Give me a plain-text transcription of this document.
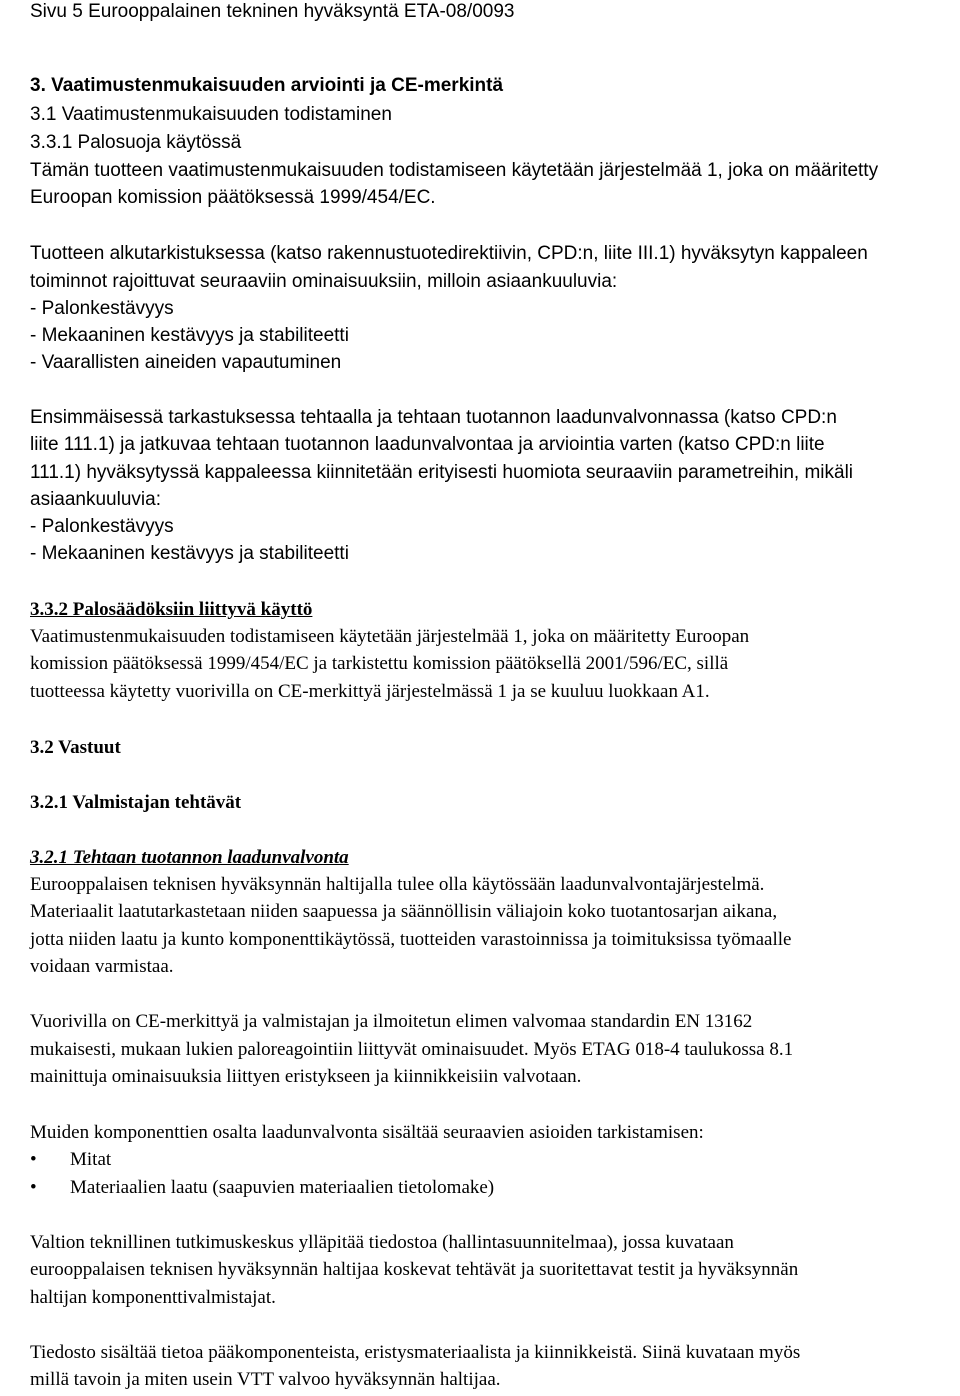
Sivu 5 Eurooppalainen tekninen hyväksyntä ETA-08/0093
3. Vaatimustenmukaisuuden arviointi ja CE-merkintä
3.1 Vaatimustenmukaisuuden todistaminen
3.3.1 Palosuoja käytössä
Tämän tuotteen vaatimustenmukaisuuden todistamiseen käytetään järjestelmää 1, joka on määritetty
Euroopan komission päätöksessä 1999/454/EC.
Tuotteen alkutarkistuksessa (katso rakennustuotedirektiivin, CPD:n, liite III.1) hyväksytyn kappaleen
toiminnot rajoittuvat seuraaviin ominaisuuksiin, milloin asiaankuuluvia:
- Palonkestävyys
- Mekaaninen kestävyys ja stabiliteetti
- Vaarallisten aineiden vapautuminen
Ensimmäisessä tarkastuksessa tehtaalla ja tehtaan tuotannon laadunvalvonnassa (katso CPD:n
liite 111.1) ja jatkuvaa tehtaan tuotannon laadunvalvontaa ja arviointia varten (katso CPD:n liite
111.1) hyväksytyssä kappaleessa kiinnitetään erityisesti huomiota seuraaviin parametreihin, mikäli
asiaankuuluvia:
- Palonkestävyys
- Mekaaninen kestävyys ja stabiliteetti
3.3.2 Palosäädöksiin liittyvä käyttö
Vaatimustenmukaisuuden todistamiseen käytetään järjestelmää 1, joka on määritetty Euroopan
komission päätöksessä 1999/454/EC ja tarkistettu komission päätöksellä 2001/596/EC, sillä
tuotteessa käytetty vuorivilla on CE-merkittyä järjestelmässä 1 ja se kuuluu luokkaan A1.
3.2 Vastuut
3.2.1 Valmistajan tehtävät
3.2.1 Tehtaan tuotannon laadunvalvonta
Eurooppalaisen teknisen hyväksynnän haltijalla tulee olla käytössään laadunvalvontajärjestelmä.
Materiaalit laatutarkastetaan niiden saapuessa ja säännöllisin väliajoin koko tuotantosarjan aikana,
jotta niiden laatu ja kunto komponenttikäytössä, tuotteiden varastoinnissa ja toimituksissa työmaalle
voidaan varmistaa.
Vuorivilla on CE-merkittyä ja valmistajan ja ilmoitetun elimen valvomaa standardin EN 13162
mukaisesti, mukaan lukien paloreagointiin liittyvät ominaisuudet. Myös ETAG 018-4 taulukossa 8.1
mainittuja ominaisuuksia liittyen eristykseen ja kiinnikkeisiin valvotaan.
Muiden komponenttien osalta laadunvalvonta sisältää seuraavien asioiden tarkistamisen:
•	Mitat
•	Materiaalien laatu (saapuvien materiaalien tietolomake)
Valtion teknillinen tutkimuskeskus ylläpitää tiedostoa (hallintasuunnitelmaa), jossa kuvataan
eurooppalaisen teknisen hyväksynnän haltijaa koskevat tehtävät ja suoritettavat testit ja hyväksynnän
haltijan komponenttivalmistajat.
Tiedosto sisältää tietoa pääkomponenteista, eristysmateriaalista ja kiinnikkeistä. Siinä kuvataan myös
millä tavoin ja miten usein VTT valvoo hyväksynnän haltijaa.
